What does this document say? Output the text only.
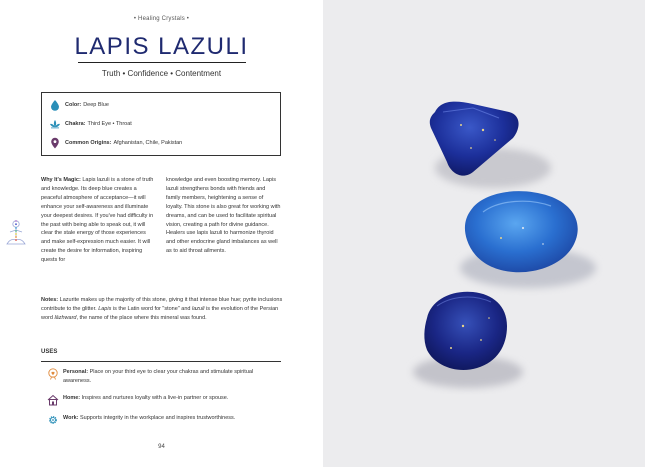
• Healing Crystals •
LAPIS LAZULI
Truth • Confidence • Contentment
Color: Deep Blue
Chakra: Third Eye • Throat
Common Origins: Afghanistan, Chile, Pakistan
Why It's Magic: Lapis lazuli is a stone of truth and knowledge. Its deep blue creates a peaceful atmosphere of acceptance—it will enhance your self-awareness and illuminate your deepest desires. If you've had difficulty in the past with being able to speak out, it will clear the stale energy of those experiences and make self-expression much easier. It will create the desire for information, inspiring quests for
knowledge and even boosting memory. Lapis lazuli strengthens bonds with friends and family members, heightening a sense of loyalty. This stone is also great for working with dreams, and can be used to facilitate spiritual vision, creating a path for divine guidance. Healers use lapis lazuli to harmonize thyroid and other endocrine gland imbalances as well as to aid throat ailments.
Notes: Lazurite makes up the majority of this stone, giving it that intense blue hue; pyrite inclusions contribute to the glitter. Lapis is the Latin word for "stone" and lazuli is the evolution of the Persian word lāzhward, the name of the place where this mineral was found.
USES
Personal: Place on your third eye to clear your chakras and stimulate spiritual awareness.
Home: Inspires and nurtures loyalty with a live-in partner or spouse.
Work: Supports integrity in the workplace and inspires trustworthiness.
94
